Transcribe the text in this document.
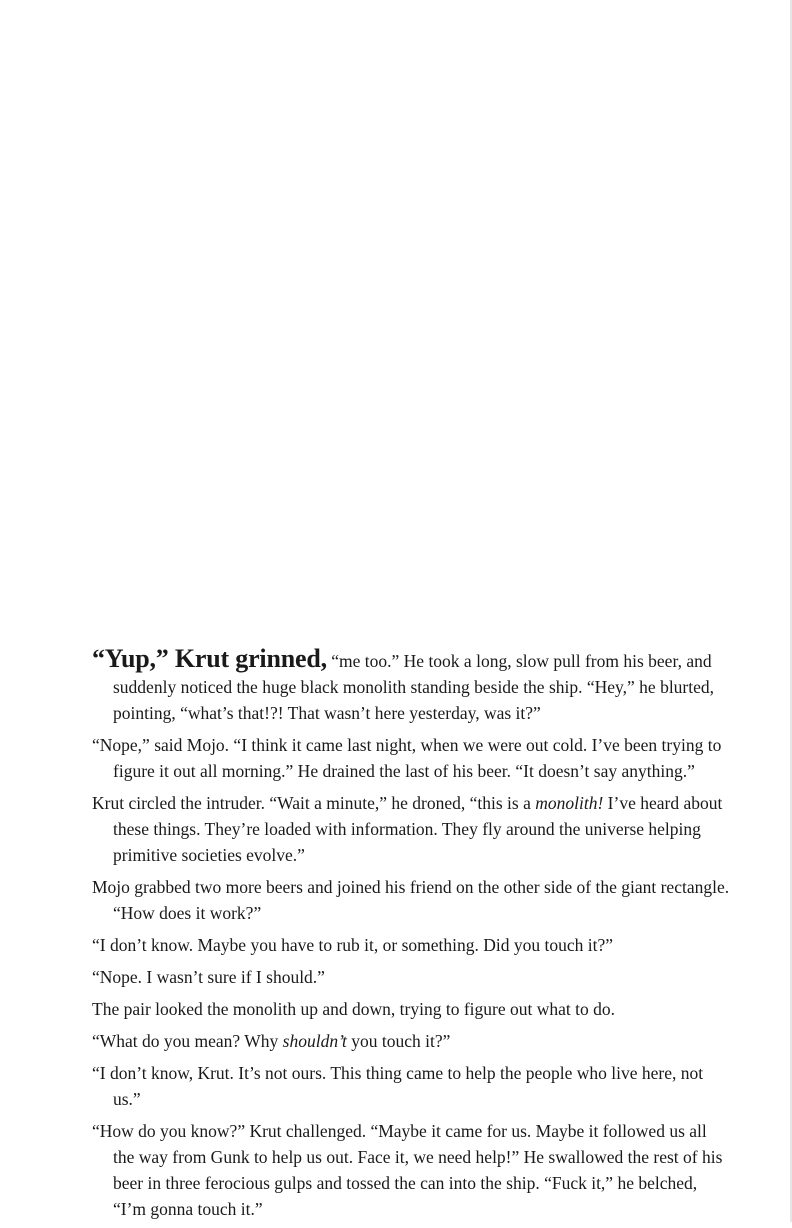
“Yup,” Krut grinned, “me too.” He took a long, slow pull from his beer, and suddenly noticed the huge black monolith standing beside the ship. “Hey,” he blurted, pointing, “what’s that!?! That wasn’t here yesterday, was it?”

“Nope,” said Mojo. “I think it came last night, when we were out cold. I’ve been trying to figure it out all morning.” He drained the last of his beer. “It doesn’t say anything.”

Krut circled the intruder. “Wait a minute,” he droned, “this is a monolith! I’ve heard about these things. They’re loaded with information. They fly around the universe helping primitive societies evolve.”

Mojo grabbed two more beers and joined his friend on the other side of the giant rectangle. “How does it work?”

“I don’t know. Maybe you have to rub it, or something. Did you touch it?”

“Nope. I wasn’t sure if I should.”

The pair looked the monolith up and down, trying to figure out what to do.

“What do you mean? Why shouldn’t you touch it?”

“I don’t know, Krut. It’s not ours. This thing came to help the people who live here, not us.”

“How do you know?” Krut challenged. “Maybe it came for us. Maybe it followed us all the way from Gunk to help us out. Face it, we need help!” He swallowed the rest of his beer in three ferocious gulps and tossed the can into the ship. “Fuck it,” he belched, “I’m gonna touch it.”
